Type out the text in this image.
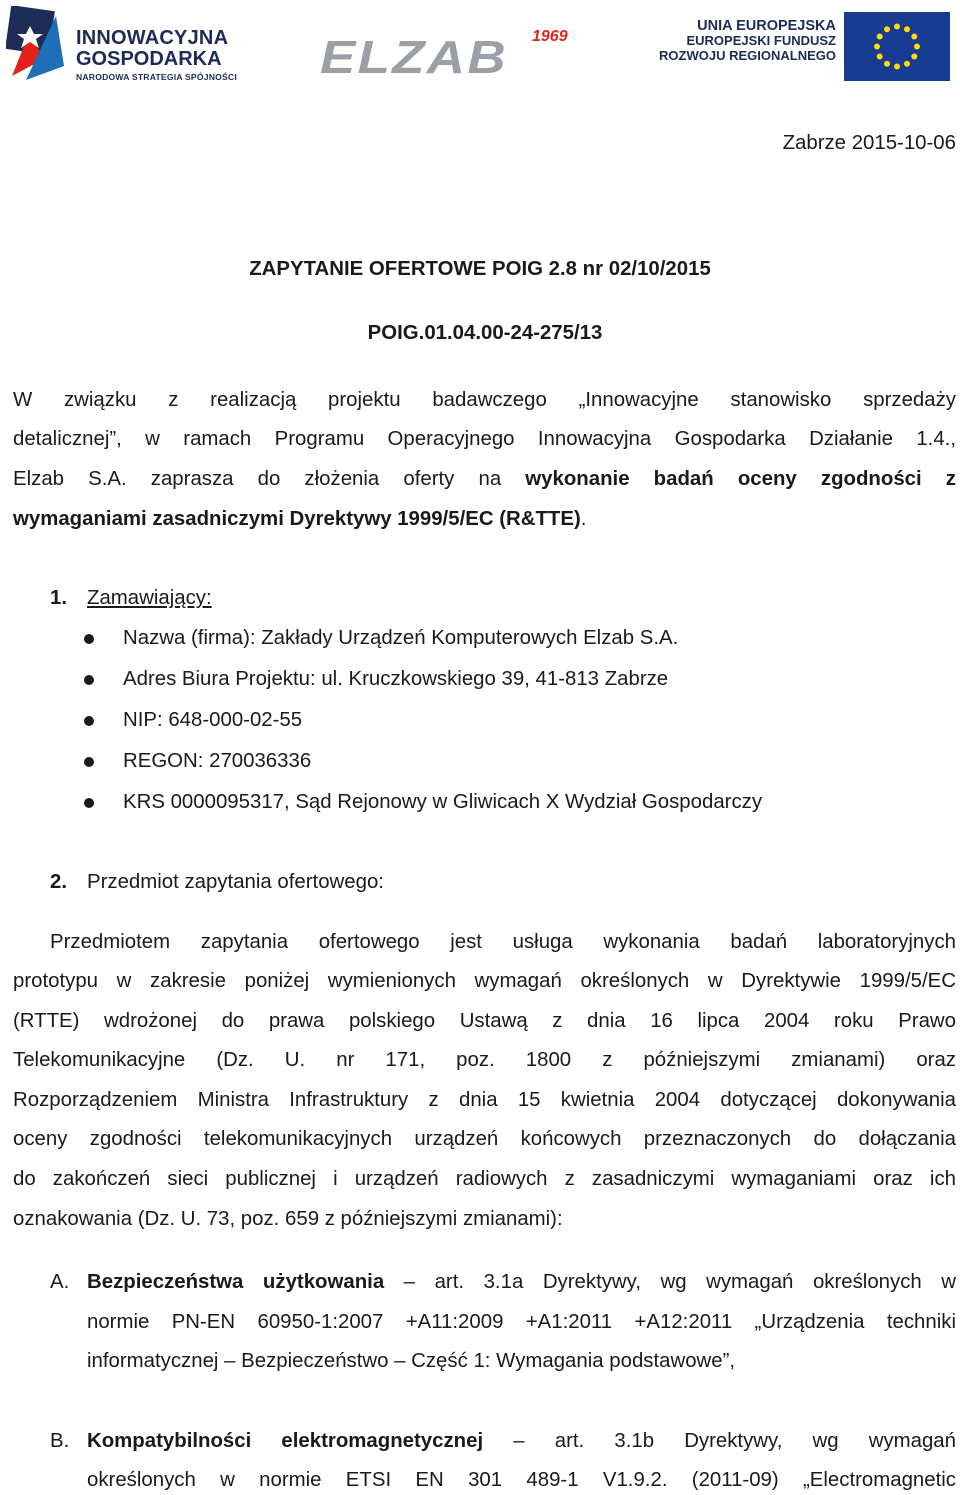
INNOWACYJNA
GOSPODARKA
NARODOWA STRATEGIA SPÓJNOŚCI ELZAB 1969
UNIA EUROPEJSKA
EUROPEJSKI FUNDUSZ
ROZWOJU REGIONALNEGO
Zabrze 2015-10-06
ZAPYTANIE OFERTOWE POIG 2.8 nr 02/10/2015
POIG.01.04.00-24-275/13
W związku z realizacją projektu badawczego „Innowacyjne stanowisko sprzedaży
detalicznej”, w ramach Programu Operacyjnego Innowacyjna Gospodarka Działanie 1.4.,
Elzab S.A. zaprasza do złożenia oferty na wykonanie badań oceny zgodności z
wymaganiami zasadniczymi Dyrektywy 1999/5/EC (R&TTE).
1. Zamawiający:
Nazwa (firma): Zakłady Urządzeń Komputerowych Elzab S.A.
Adres Biura Projektu: ul. Kruczkowskiego 39, 41-813 Zabrze
NIP: 648-000-02-55
REGON: 270036336
KRS 0000095317, Sąd Rejonowy w Gliwicach X Wydział Gospodarczy
2. Przedmiot zapytania ofertowego:
Przedmiotem zapytania ofertowego jest usługa wykonania badań laboratoryjnych
prototypu w zakresie poniżej wymienionych wymagań określonych w Dyrektywie 1999/5/EC
(RTTE) wdrożonej do prawa polskiego Ustawą z dnia 16 lipca 2004 roku Prawo
Telekomunikacyjne (Dz. U. nr 171, poz. 1800 z późniejszymi zmianami) oraz
Rozporządzeniem Ministra Infrastruktury z dnia 15 kwietnia 2004 dotyczącej dokonywania
oceny zgodności telekomunikacyjnych urządzeń końcowych przeznaczonych do dołączania
do zakończeń sieci publicznej i urządzeń radiowych z zasadniczymi wymaganiami oraz ich
oznakowania (Dz. U. 73, poz. 659 z późniejszymi zmianami):
A. Bezpieczeństwa użytkowania – art. 3.1a Dyrektywy, wg wymagań określonych w
normie PN-EN 60950-1:2007 +A11:2009 +A1:2011 +A12:2011 „Urządzenia techniki
informatycznej – Bezpieczeństwo – Część 1: Wymagania podstawowe”,
B. Kompatybilności elektromagnetycznej – art. 3.1b Dyrektywy, wg wymagań
określonych w normie ETSI EN 301 489-1 V1.9.2. (2011-09) „Electromagnetic
